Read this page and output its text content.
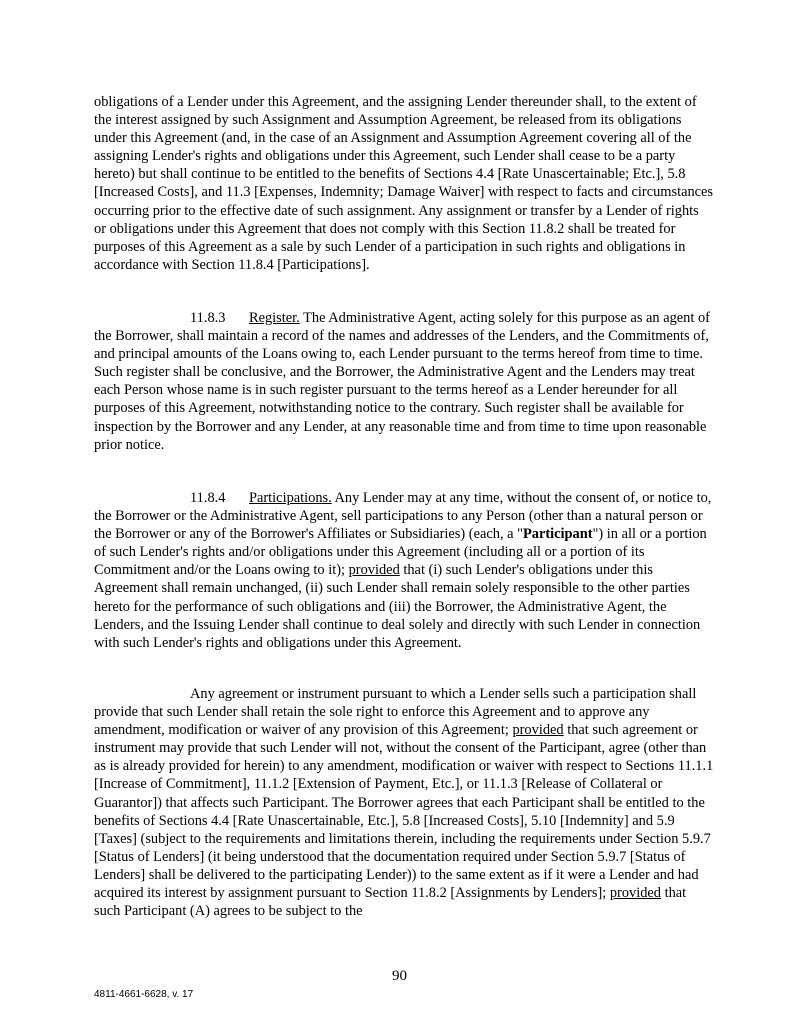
obligations of a Lender under this Agreement, and the assigning Lender thereunder shall, to the extent of the interest assigned by such Assignment and Assumption Agreement, be released from its obligations under this Agreement (and, in the case of an Assignment and Assumption Agreement covering all of the assigning Lender's rights and obligations under this Agreement, such Lender shall cease to be a party hereto) but shall continue to be entitled to the benefits of Sections 4.4 [Rate Unascertainable; Etc.], 5.8 [Increased Costs], and 11.3 [Expenses, Indemnity; Damage Waiver] with respect to facts and circumstances occurring prior to the effective date of such assignment. Any assignment or transfer by a Lender of rights or obligations under this Agreement that does not comply with this Section 11.8.2 shall be treated for purposes of this Agreement as a sale by such Lender of a participation in such rights and obligations in accordance with Section 11.8.4 [Participations].

11.8.3 Register. The Administrative Agent, acting solely for this purpose as an agent of the Borrower, shall maintain a record of the names and addresses of the Lenders, and the Commitments of, and principal amounts of the Loans owing to, each Lender pursuant to the terms hereof from time to time. Such register shall be conclusive, and the Borrower, the Administrative Agent and the Lenders may treat each Person whose name is in such register pursuant to the terms hereof as a Lender hereunder for all purposes of this Agreement, notwithstanding notice to the contrary. Such register shall be available for inspection by the Borrower and any Lender, at any reasonable time and from time to time upon reasonable prior notice.

11.8.4 Participations. Any Lender may at any time, without the consent of, or notice to, the Borrower or the Administrative Agent, sell participations to any Person (other than a natural person or the Borrower or any of the Borrower's Affiliates or Subsidiaries) (each, a "Participant") in all or a portion of such Lender's rights and/or obligations under this Agreement (including all or a portion of its Commitment and/or the Loans owing to it); provided that (i) such Lender's obligations under this Agreement shall remain unchanged, (ii) such Lender shall remain solely responsible to the other parties hereto for the performance of such obligations and (iii) the Borrower, the Administrative Agent, the Lenders, and the Issuing Lender shall continue to deal solely and directly with such Lender in connection with such Lender's rights and obligations under this Agreement.

Any agreement or instrument pursuant to which a Lender sells such a participation shall provide that such Lender shall retain the sole right to enforce this Agreement and to approve any amendment, modification or waiver of any provision of this Agreement; provided that such agreement or instrument may provide that such Lender will not, without the consent of the Participant, agree (other than as is already provided for herein) to any amendment, modification or waiver with respect to Sections 11.1.1 [Increase of Commitment], 11.1.2 [Extension of Payment, Etc.], or 11.1.3 [Release of Collateral or Guarantor]) that affects such Participant. The Borrower agrees that each Participant shall be entitled to the benefits of Sections 4.4 [Rate Unascertainable, Etc.], 5.8 [Increased Costs], 5.10 [Indemnity] and 5.9 [Taxes] (subject to the requirements and limitations therein, including the requirements under Section 5.9.7 [Status of Lenders] (it being understood that the documentation required under Section 5.9.7 [Status of Lenders] shall be delivered to the participating Lender)) to the same extent as if it were a Lender and had acquired its interest by assignment pursuant to Section 11.8.2 [Assignments by Lenders]; provided that such Participant (A) agrees to be subject to the

90
4811-4661-6628, v. 17
